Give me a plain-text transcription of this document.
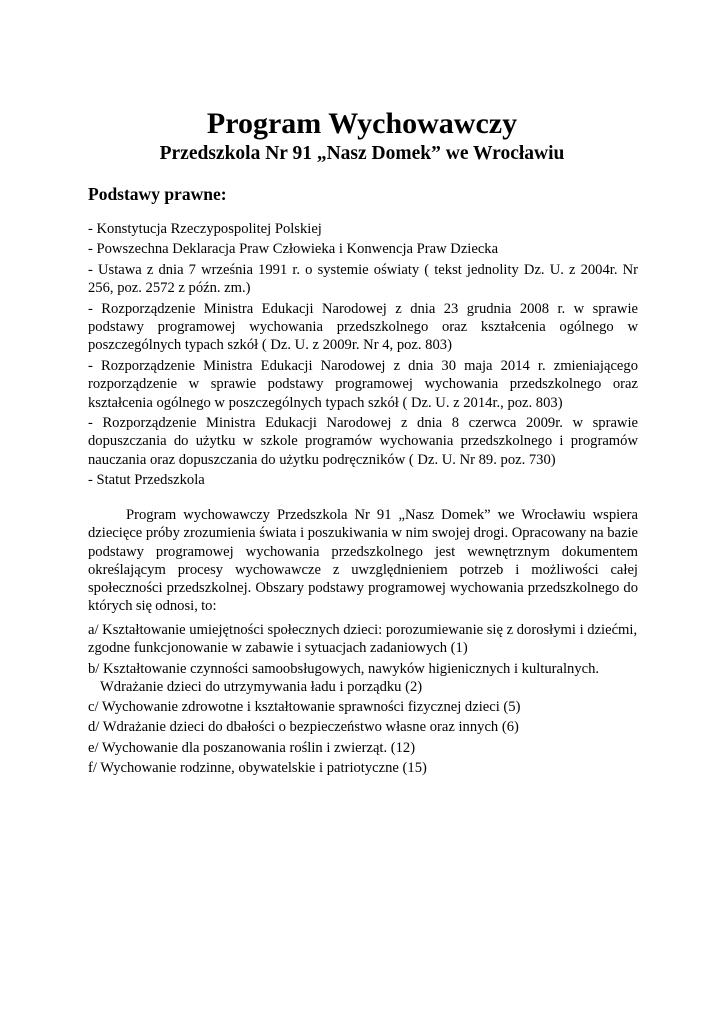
Program Wychowawczy
Przedszkola Nr 91 „Nasz Domek” we Wrocławiu
Podstawy prawne:
- Konstytucja Rzeczypospolitej Polskiej
- Powszechna Deklaracja Praw Człowieka i Konwencja Praw Dziecka
- Ustawa z dnia 7 września 1991 r. o systemie oświaty ( tekst jednolity Dz. U. z 2004r. Nr 256, poz. 2572 z późn. zm.)
- Rozporządzenie Ministra Edukacji Narodowej z dnia 23 grudnia 2008 r. w sprawie podstawy programowej wychowania przedszkolnego oraz kształcenia ogólnego w poszczególnych typach szkół ( Dz. U. z 2009r. Nr 4, poz. 803)
- Rozporządzenie Ministra Edukacji Narodowej z dnia 30 maja 2014 r. zmieniającego rozporządzenie w sprawie podstawy programowej wychowania przedszkolnego oraz kształcenia ogólnego w poszczególnych typach szkół ( Dz. U. z 2014r., poz. 803)
- Rozporządzenie Ministra Edukacji Narodowej z dnia 8 czerwca 2009r. w sprawie dopuszczania do użytku w szkole programów wychowania przedszkolnego i programów nauczania oraz dopuszczania do użytku podręczników ( Dz. U. Nr 89. poz. 730)
- Statut Przedszkola

Program wychowawczy Przedszkola Nr 91 „Nasz Domek” we Wrocławiu wspiera dziecięce próby zrozumienia świata i poszukiwania w nim swojej drogi. Opracowany na bazie podstawy programowej wychowania przedszkolnego jest wewnętrznym dokumentem określającym procesy wychowawcze z uwzględnieniem potrzeb i możliwości całej społeczności przedszkolnej. Obszary podstawy programowej wychowania przedszkolnego do których się odnosi, to:

a/ Kształtowanie umiejętności społecznych dzieci: porozumiewanie się z dorosłymi i dziećmi,
zgodne funkcjonowanie w zabawie i sytuacjach zadaniowych (1)
b/ Kształtowanie czynności samoobsługowych, nawyków higienicznych i kulturalnych.
Wdrażanie dzieci do utrzymywania ładu i porządku (2)
c/ Wychowanie zdrowotne i kształtowanie sprawności fizycznej dzieci (5)
d/ Wdrażanie dzieci do dbałości o bezpieczeństwo własne oraz innych (6)
e/ Wychowanie dla poszanowania roślin i zwierząt. (12)
f/ Wychowanie rodzinne, obywatelskie i patriotyczne (15)
